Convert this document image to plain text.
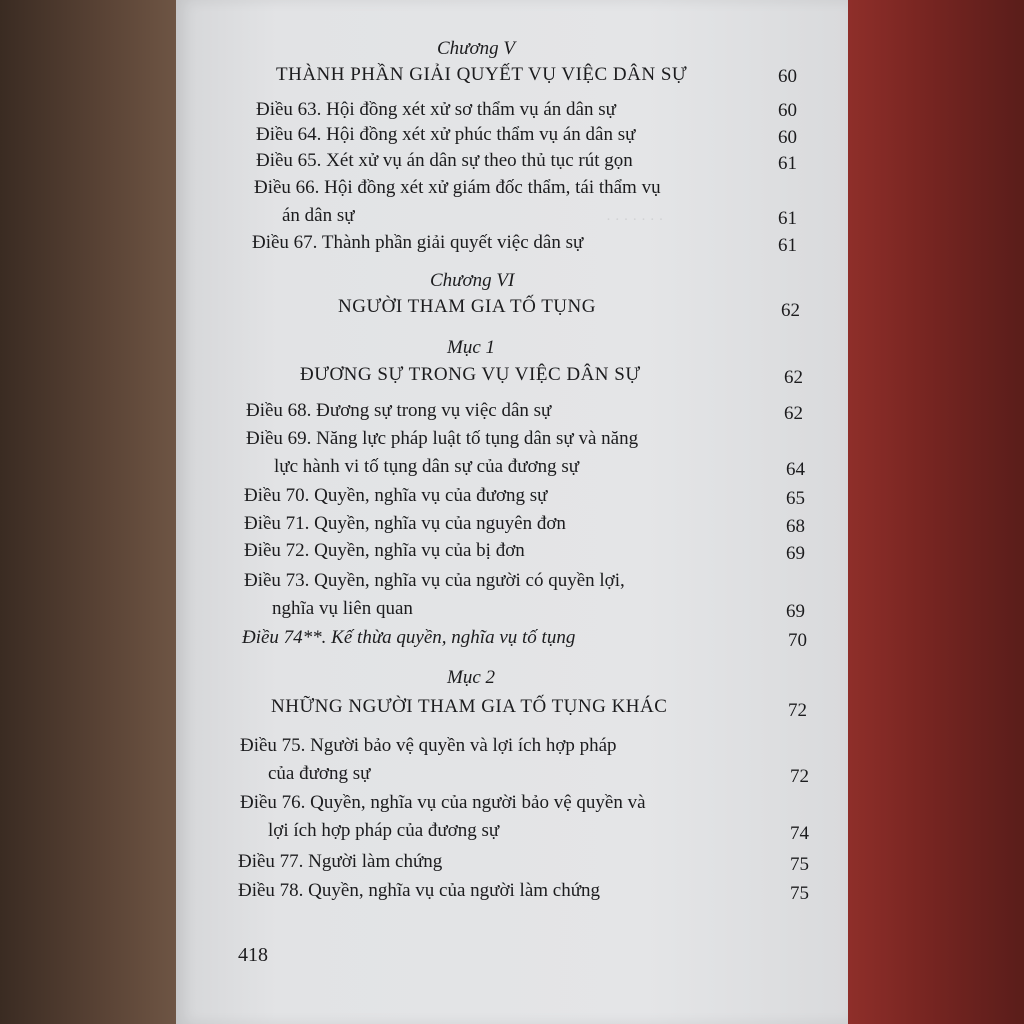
· · · · · · ·
Chương V
THÀNH PHẦN GIẢI QUYẾT VỤ VIỆC DÂN SỰ	60
Điều 63. Hội đồng xét xử sơ thẩm vụ án dân sự	60
Điều 64. Hội đồng xét xử phúc thẩm vụ án dân sự	60
Điều 65. Xét xử vụ án dân sự theo thủ tục rút gọn	61
Điều 66. Hội đồng xét xử giám đốc thẩm, tái thẩm vụ
án dân sự	61
Điều 67. Thành phần giải quyết việc dân sự	61
Chương VI
NGƯỜI THAM GIA TỐ TỤNG	62
Mục 1
ĐƯƠNG SỰ TRONG VỤ VIỆC DÂN SỰ	62
Điều 68. Đương sự trong vụ việc dân sự	62
Điều 69. Năng lực pháp luật tố tụng dân sự và năng
lực hành vi tố tụng dân sự của đương sự	64
Điều 70. Quyền, nghĩa vụ của đương sự	65
Điều 71. Quyền, nghĩa vụ của nguyên đơn	68
Điều 72. Quyền, nghĩa vụ của bị đơn	69
Điều 73. Quyền, nghĩa vụ của người có quyền lợi,
nghĩa vụ liên quan	69
Điều 74**. Kế thừa quyền, nghĩa vụ tố tụng	70
Mục 2
NHỮNG NGƯỜI THAM GIA TỐ TỤNG KHÁC	72
Điều 75. Người bảo vệ quyền và lợi ích hợp pháp
của đương sự	72
Điều 76. Quyền, nghĩa vụ của người bảo vệ quyền và
lợi ích hợp pháp của đương sự	74
Điều 77. Người làm chứng	75
Điều 78. Quyền, nghĩa vụ của người làm chứng	75
418
